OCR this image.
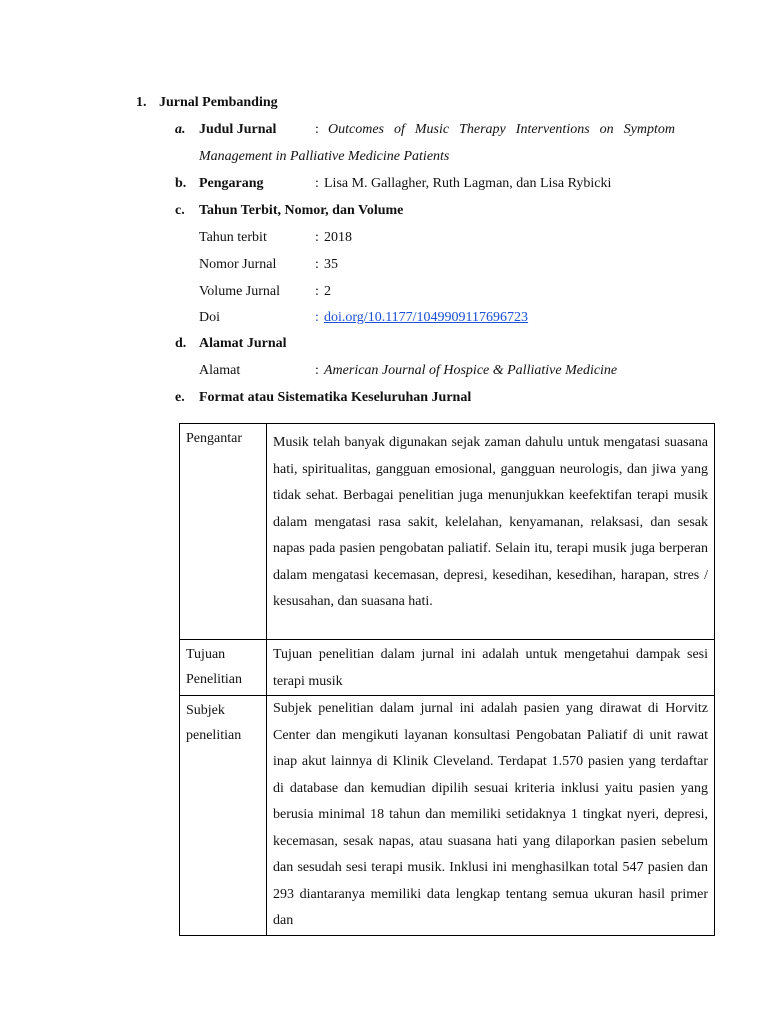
1. Jurnal Pembanding
a. Judul Jurnal	: Outcomes of Music Therapy Interventions on Symptom
Management in Palliative Medicine Patients
b. Pengarang	: Lisa M. Gallagher, Ruth Lagman, dan Lisa Rybicki
c. Tahun Terbit, Nomor, dan Volume
Tahun terbit	: 2018
Nomor Jurnal	: 35
Volume Jurnal : 2
Doi	: doi.org/10.1177/1049909117696723
d. Alamat Jurnal
Alamat	: American Journal of Hospice & Palliative Medicine
e. Format atau Sistematika Keseluruhan Jurnal
Pengantar	Musik telah banyak digunakan sejak zaman dahulu untuk mengatasi suasana hati, spiritualitas, gangguan emosional, gangguan neurologis, dan jiwa yang tidak sehat. Berbagai penelitian juga menunjukkan keefektifan terapi musik dalam mengatasi rasa sakit, kelelahan, kenyamanan, relaksasi, dan sesak napas pada pasien pengobatan paliatif. Selain itu, terapi musik juga berperan dalam mengatasi kecemasan, depresi, kesedihan, kesedihan, harapan, stres / kesusahan, dan suasana hati.
Tujuan Penelitian	Tujuan penelitian dalam jurnal ini adalah untuk mengetahui dampak sesi terapi musik
Subjek penelitian	Subjek penelitian dalam jurnal ini adalah pasien yang dirawat di Horvitz Center dan mengikuti layanan konsultasi Pengobatan Paliatif di unit rawat inap akut lainnya di Klinik Cleveland. Terdapat 1.570 pasien yang terdaftar di database dan kemudian dipilih sesuai kriteria inklusi yaitu pasien yang berusia minimal 18 tahun dan memiliki setidaknya 1 tingkat nyeri, depresi, kecemasan, sesak napas, atau suasana hati yang dilaporkan pasien sebelum dan sesudah sesi terapi musik. Inklusi ini menghasilkan total 547 pasien dan 293 diantaranya memiliki data lengkap tentang semua ukuran hasil primer dan
